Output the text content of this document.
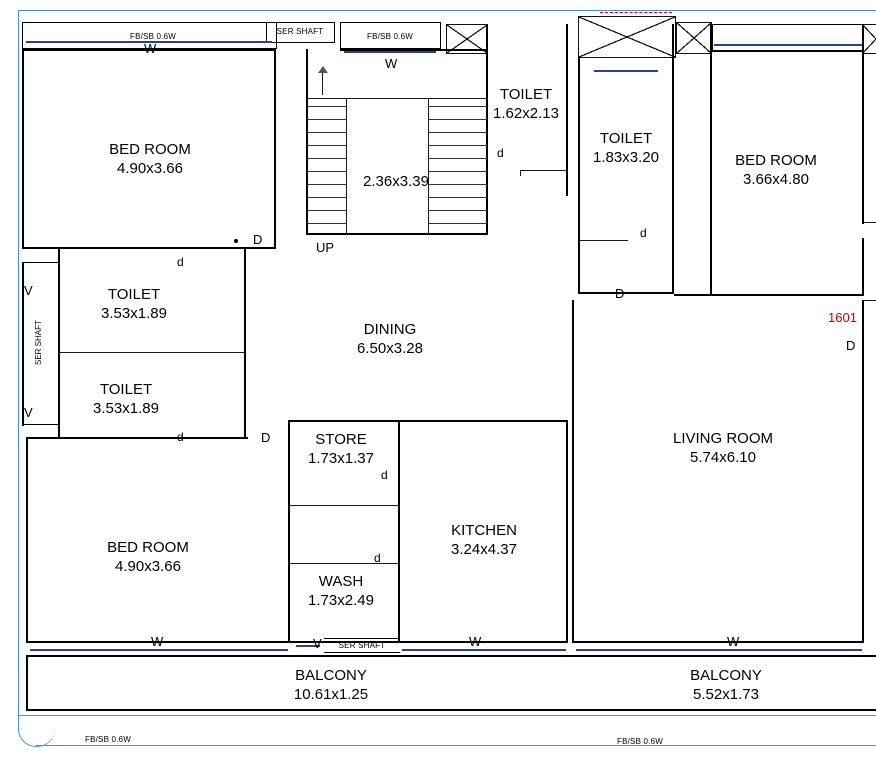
FB/SB 0.6W
SER SHAFT
FB/SB 0.6W
2.36x3.39
UP
SER SHAFT
SER SHAFT
FB/SB 0.6W	FB/SB 0.6W
BED ROOM
4.90x3.66	BED ROOM
3.66x4.80
BED ROOM
4.90x3.66
TOILET
1.62x2.13
TOILET
1.83x3.20
TOILET
3.53x1.89
TOILET
3.53x1.89
DINING
6.50x3.28
LIVING ROOM
5.74x6.10
KITCHEN
3.24x4.37
STORE
1.73x1.37
WASH
1.73x2.49
BALCONY
10.61x1.25
BALCONY
5.52x1.73
W
W
W	W	W
D
D
D
D
d
d
d
d
d
d
V
V
V
1601
